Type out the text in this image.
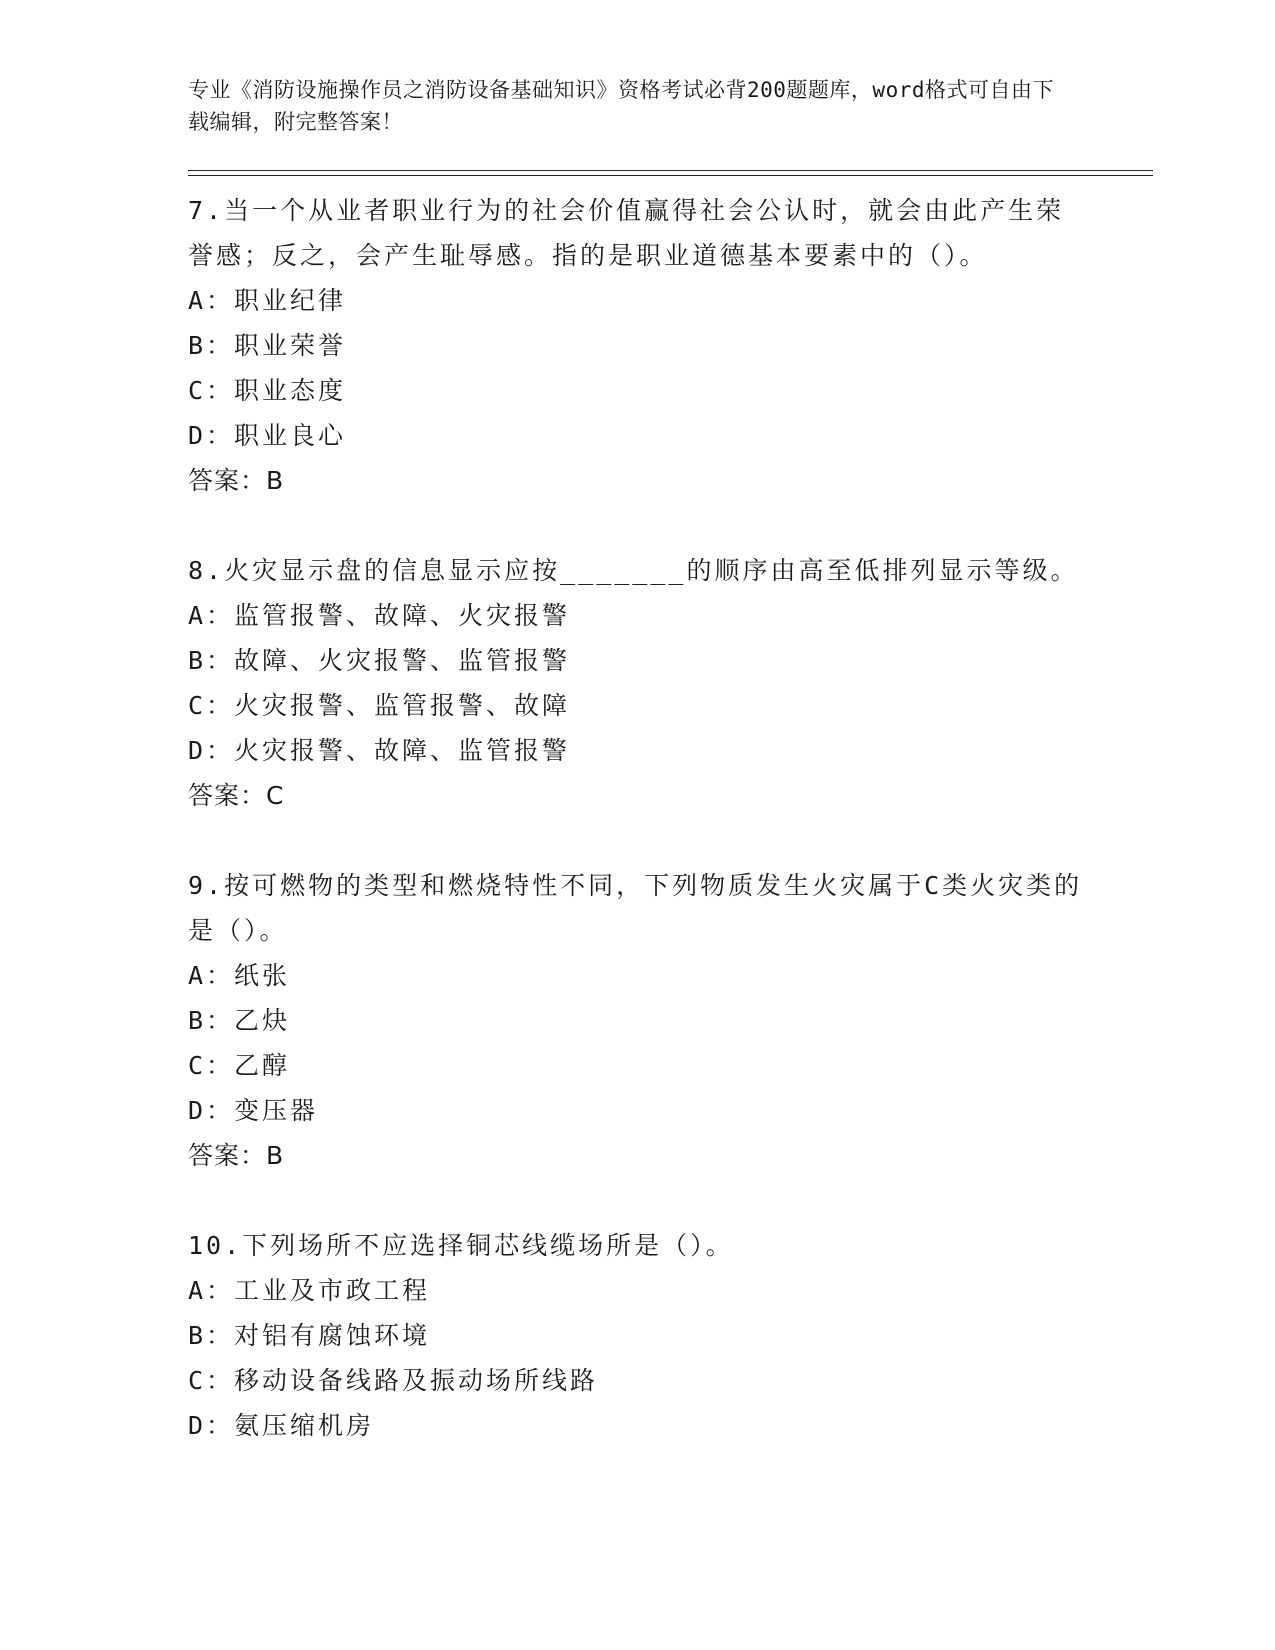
专业《消防设施操作员之消防设备基础知识》资格考试必背200题题库，word格式可自由下载编辑，附完整答案！
7.当一个从业者职业行为的社会价值赢得社会公认时，就会由此产生荣誉感；反之，会产生耻辱感。指的是职业道德基本要素中的（）。
A：职业纪律
B：职业荣誉
C：职业态度
D：职业良心
答案：B
8.火灾显示盘的信息显示应按_______的顺序由高至低排列显示等级。
A：监管报警、故障、火灾报警
B：故障、火灾报警、监管报警
C：火灾报警、监管报警、故障
D：火灾报警、故障、监管报警
答案：C
9.按可燃物的类型和燃烧特性不同，下列物质发生火灾属于C类火灾类的是（）。
A：纸张
B：乙炔
C：乙醇
D：变压器
答案：B
10.下列场所不应选择铜芯线缆场所是（）。
A：工业及市政工程
B：对铝有腐蚀环境
C：移动设备线路及振动场所线路
D：氨压缩机房
